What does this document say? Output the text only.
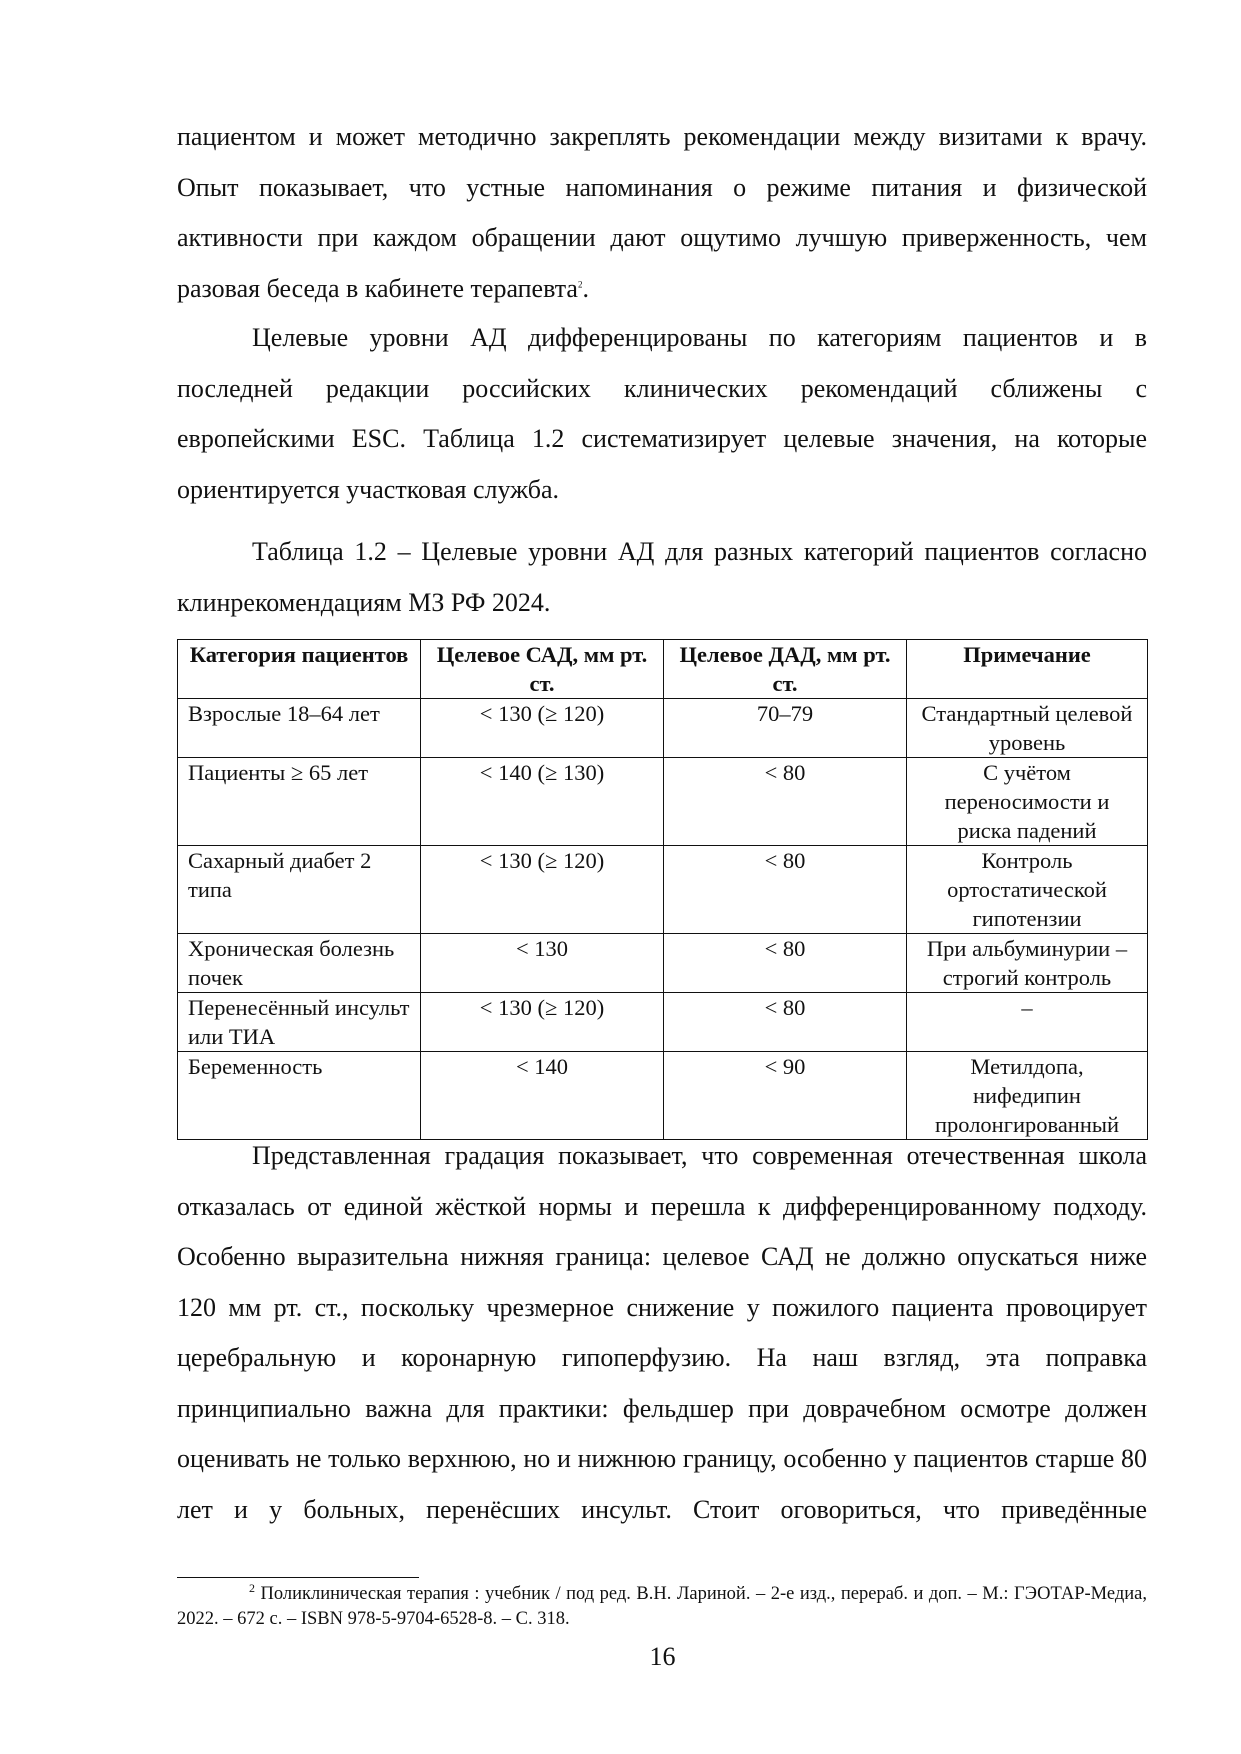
пациентом и может методично закреплять рекомендации между визитами к врачу. Опыт показывает, что устные напоминания о режиме питания и физической активности при каждом обращении дают ощутимо лучшую приверженность, чем разовая беседа в кабинете терапевта$^2$.

Целевые уровни АД дифференцированы по категориям пациентов и в последней редакции российских клинических рекомендаций сближены с европейскими ESC. Таблица 1.2 систематизирует целевые значения, на которые ориентируется участковая служба.

Таблица 1.2 – Целевые уровни АД для разных категорий пациентов согласно клинрекомендациям МЗ РФ 2024.

Категория пациентов	Целевое САД, мм рт. ст.	Целевое ДАД, мм рт. ст.	Примечание
Взрослые 18–64 лет	< 130 (≥ 120)	70–79	Стандартный целевой уровень
Пациенты ≥ 65 лет	< 140 (≥ 130)	< 80	С учётом переносимости и риска падений
Сахарный диабет 2 типа	< 130 (≥ 120)	< 80	Контроль ортостатической гипотензии
Хроническая болезнь почек	< 130	< 80	При альбуминурии – строгий контроль
Перенесённый инсульт или ТИА	< 130 (≥ 120)	< 80	–
Беременность	< 140	< 90	Метилдопа, нифедипин пролонгированный

Представленная градация показывает, что современная отечественная школа отказалась от единой жёсткой нормы и перешла к дифференцированному подходу. Особенно выразительна нижняя граница: целевое САД не должно опускаться ниже 120 мм рт. ст., поскольку чрезмерное снижение у пожилого пациента провоцирует церебральную и коронарную гипоперфузию. На наш взгляд, эта поправка принципиально важна для практики: фельдшер при доврачебном осмотре должен оценивать не только верхнюю, но и нижнюю границу, особенно у пациентов старше 80 лет и у больных, перенёсших инсульт. Стоит оговориться, что приведённые

$^2$ Поликлиническая терапия : учебник / под ред. В.Н. Лариной. – 2-е изд., перераб. и доп. – М.: ГЭОТАР-Медиа, 2022. – 672 с. – ISBN 978-5-9704-6528-8. – С. 318.

16
